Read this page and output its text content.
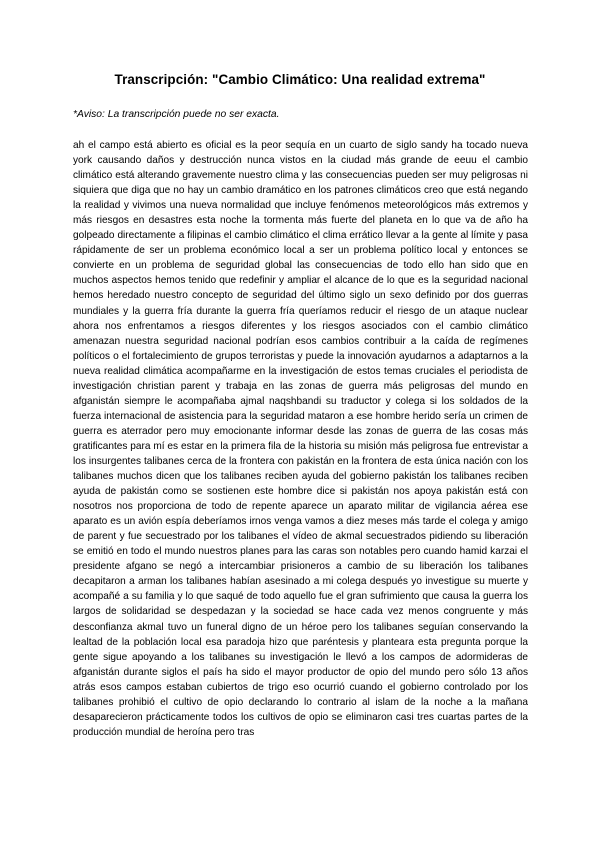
Transcripción: "Cambio Climático: Una realidad extrema"

*Aviso: La transcripción puede no ser exacta.

ah el campo está abierto es oficial es la peor sequía en un cuarto de siglo sandy ha tocado nueva york causando daños y destrucción nunca vistos en la ciudad más grande de eeuu el cambio climático está alterando gravemente nuestro clima y las consecuencias pueden ser muy peligrosas ni siquiera que diga que no hay un cambio dramático en los patrones climáticos creo que está negando la realidad y vivimos una nueva normalidad que incluye fenómenos meteorológicos más extremos y más riesgos en desastres esta noche la tormenta más fuerte del planeta en lo que va de año ha golpeado directamente a filipinas el cambio climático el clima errático llevar a la gente al límite y pasa rápidamente de ser un problema económico local a ser un problema político local y entonces se convierte en un problema de seguridad global las consecuencias de todo ello han sido que en muchos aspectos hemos tenido que redefinir y ampliar el alcance de lo que es la seguridad nacional hemos heredado nuestro concepto de seguridad del último siglo un sexo definido por dos guerras mundiales y la guerra fría durante la guerra fría queríamos reducir el riesgo de un ataque nuclear ahora nos enfrentamos a riesgos diferentes y los riesgos asociados con el cambio climático amenazan nuestra seguridad nacional podrían esos cambios contribuir a la caída de regímenes políticos o el fortalecimiento de grupos terroristas y puede la innovación ayudarnos a adaptarnos a la nueva realidad climática acompañarme en la investigación de estos temas cruciales el periodista de investigación christian parent y trabaja en las zonas de guerra más peligrosas del mundo en afganistán siempre le acompañaba ajmal naqshbandi su traductor y colega si los soldados de la fuerza internacional de asistencia para la seguridad mataron a ese hombre herido sería un crimen de guerra es aterrador pero muy emocionante informar desde las zonas de guerra de las cosas más gratificantes para mí es estar en la primera fila de la historia su misión más peligrosa fue entrevistar a los insurgentes talibanes cerca de la frontera con pakistán en la frontera de esta única nación con los talibanes muchos dicen que los talibanes reciben ayuda del gobierno pakistán los talibanes reciben ayuda de pakistán como se sostienen este hombre dice si pakistán nos apoya pakistán está con nosotros nos proporciona de todo de repente aparece un aparato militar de vigilancia aérea ese aparato es un avión espía deberíamos irnos venga vamos a diez meses más tarde el colega y amigo de parent y fue secuestrado por los talibanes el vídeo de akmal secuestrados pidiendo su liberación se emitió en todo el mundo nuestros planes para las caras son notables pero cuando hamid karzai el presidente afgano se negó a intercambiar prisioneros a cambio de su liberación los talibanes decapitaron a arman los talibanes habían asesinado a mi colega después yo investigue su muerte y acompañé a su familia y lo que saqué de todo aquello fue el gran sufrimiento que causa la guerra los largos de solidaridad se despedazan y la sociedad se hace cada vez menos congruente y más desconfianza akmal tuvo un funeral digno de un héroe pero los talibanes seguían conservando la lealtad de la población local esa paradoja hizo que paréntesis y planteara esta pregunta porque la gente sigue apoyando a los talibanes su investigación le llevó a los campos de adormideras de afganistán durante siglos el país ha sido el mayor productor de opio del mundo pero sólo 13 años atrás esos campos estaban cubiertos de trigo eso ocurrió cuando el gobierno controlado por los talibanes prohibió el cultivo de opio declarando lo contrario al islam de la noche a la mañana desaparecieron prácticamente todos los cultivos de opio se eliminaron casi tres cuartas partes de la producción mundial de heroína pero tras
